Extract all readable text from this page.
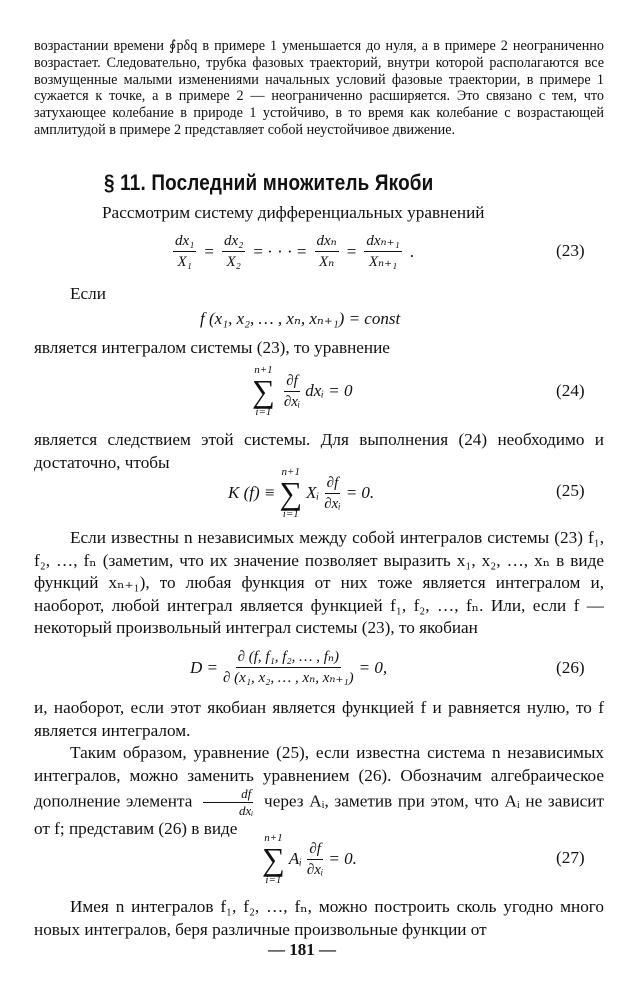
возрастании времени ∮pδq в примере 1 уменьшается до нуля, а в примере 2 неограниченно возрастает. Следовательно, трубка фазовых траекторий, внутри которой располагаются все возмущенные малыми изменениями начальных условий фазовые траектории, в примере 1 сужается к точке, а в примере 2 — неограниченно расширяется. Это связано с тем, что затухающее колебание в природе 1 устойчиво, в то время как колебание с возрастающей амплитудой в примере 2 представляет собой неустойчивое движение.

§ 11. Последний множитель Якоби

Рассмотрим систему дифференциальных уравнений

$\frac{\text{dx₁}}{\text{X₁}} = \frac{\text{dx₂}}{\text{X₂}}$ = · · · = $\frac{\text{dxₙ}}{\text{Xₙ}} = \frac{\text{dxₙ₊₁}}{\text{Xₙ₊₁}}$ .	(23)

Если

f (x₁, x₂, … , xₙ, xₙ₊₁) = const

является интегралом системы (23), то уравнение

n+1
∑
i=1
$\frac{\partial f}{\text{∂xᵢ}}$ dxᵢ = 0	(24)

является следствием этой системы. Для выполнения (24) необходимо и достаточно, чтобы

K (f) ≡
n+1
∑
i=1
Xᵢ $\frac{\partial f}{\text{∂xᵢ}} = 0$.	(25)

Если известны n независимых между собой интегралов системы (23) f₁, f₂, …, fₙ (заметим, что их значение позволяет выразить x₁, x₂, …, xₙ в виде функций xₙ₊₁), то любая функция от них тоже является интегралом и, наоборот, любой интеграл является функцией f₁, f₂, …, fₙ. Или, если f — некоторый произвольный интеграл системы (23), то якобиан

$D = \frac{\text{∂ (f, f₁, f₂, … , fₙ)}}{\text{∂ (x₁, x₂, … , xₙ, xₙ₊₁)}} = 0$,	(26)

и, наоборот, если этот якобиан является функцией f и равняется нулю, то f является интегралом.

Таким образом, уравнение (25), если известна система n независимых интегралов, можно заменить уравнением (26). Обозначим алгебраическое дополнение элемента $\frac{df}{\text{dxᵢ}}$ через Aᵢ, заметив при этом, что Aᵢ не зависит от f; представим (26) в виде	n+1
∑
i=1
Aᵢ $\frac{\partial f}{\text{∂xᵢ}} = 0$.	(27)

Имея n интегралов f₁, f₂, …, fₙ, можно построить сколь угодно много новых интегралов, беря различные произвольные функции от

— 181 —
